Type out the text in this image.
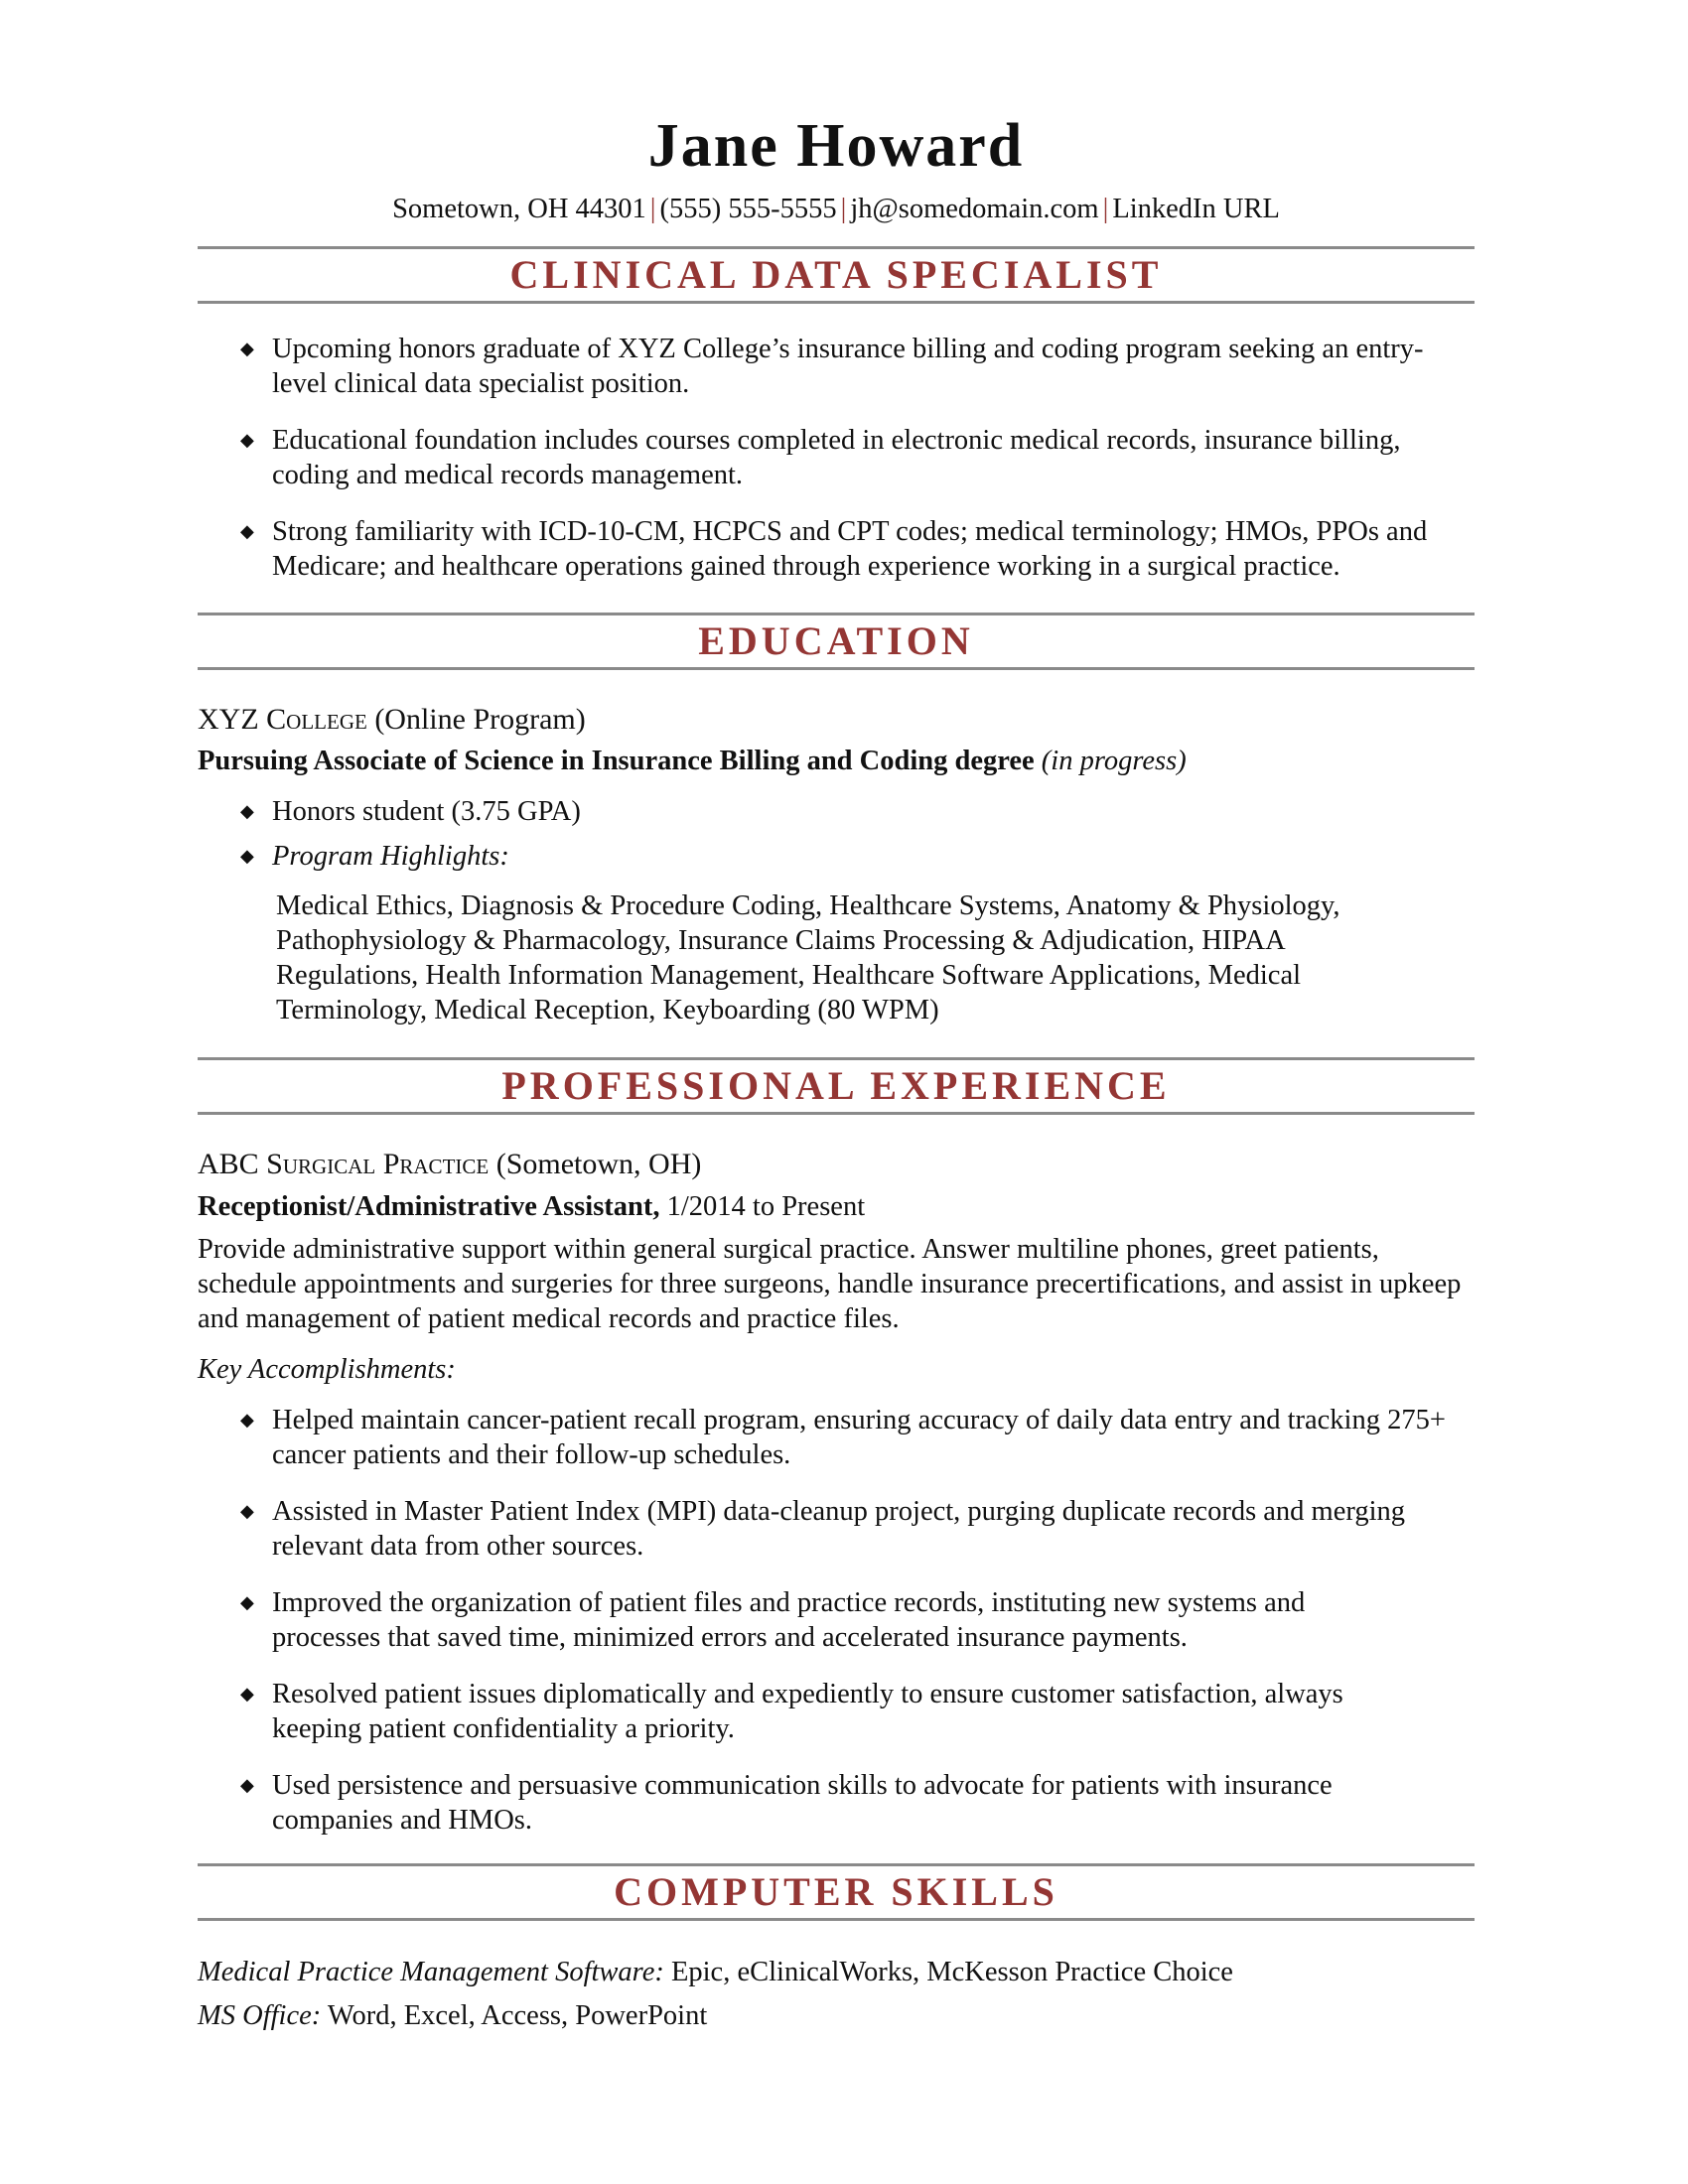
Jane Howard
Sometown, OH 44301 | (555) 555-5555 | jh@somedomain.com | LinkedIn URL
CLINICAL DATA SPECIALIST
◆ Upcoming honors graduate of XYZ College’s insurance billing and coding program seeking an entry-level clinical data specialist position.
◆ Educational foundation includes courses completed in electronic medical records, insurance billing, coding and medical records management.
◆ Strong familiarity with ICD-10-CM, HCPCS and CPT codes; medical terminology; HMOs, PPOs and Medicare; and healthcare operations gained through experience working in a surgical practice.
EDUCATION
XYZ College (Online Program)
Pursuing Associate of Science in Insurance Billing and Coding degree (in progress)
◆ Honors student (3.75 GPA)
◆ Program Highlights:
Medical Ethics, Diagnosis & Procedure Coding, Healthcare Systems, Anatomy & Physiology, Pathophysiology & Pharmacology, Insurance Claims Processing & Adjudication, HIPAA Regulations, Health Information Management, Healthcare Software Applications, Medical Terminology, Medical Reception, Keyboarding (80 WPM)
PROFESSIONAL EXPERIENCE
ABC Surgical Practice (Sometown, OH)
Receptionist/Administrative Assistant, 1/2014 to Present
Provide administrative support within general surgical practice. Answer multiline phones, greet patients, schedule appointments and surgeries for three surgeons, handle insurance precertifications, and assist in upkeep and management of patient medical records and practice files.
Key Accomplishments:
◆ Helped maintain cancer-patient recall program, ensuring accuracy of daily data entry and tracking 275+ cancer patients and their follow-up schedules.
◆ Assisted in Master Patient Index (MPI) data-cleanup project, purging duplicate records and merging relevant data from other sources.
◆ Improved the organization of patient files and practice records, instituting new systems and processes that saved time, minimized errors and accelerated insurance payments.
◆ Resolved patient issues diplomatically and expediently to ensure customer satisfaction, always keeping patient confidentiality a priority.
◆ Used persistence and persuasive communication skills to advocate for patients with insurance companies and HMOs.
COMPUTER SKILLS
Medical Practice Management Software: Epic, eClinicalWorks, McKesson Practice Choice
MS Office: Word, Excel, Access, PowerPoint
